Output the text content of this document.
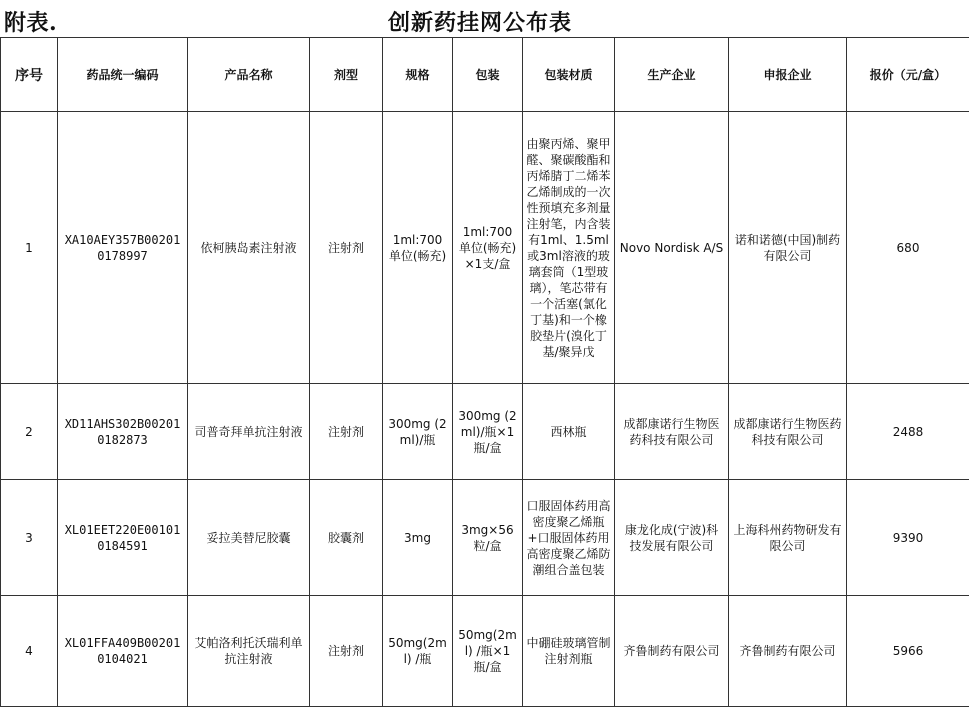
附表.	创新药挂网公布表
序号	药品统一编码	产品名称	剂型	规格	包装	包装材质	生产企业	申报企业	报价（元/盒）
1	XA10AEY357B002010178997	依柯胰岛素注射液	注射剂	1ml:700单位(畅充)	1ml:700单位(畅充)×1支/盒	由聚丙烯、聚甲醛、聚碳酸酯和丙烯腈丁二烯苯乙烯制成的一次性预填充多剂量注射笔，内含装有1ml、1.5ml或3ml溶液的玻璃套筒（1型玻璃），笔芯带有一个活塞(氯化丁基)和一个橡胶垫片(溴化丁基/聚异戊	Novo Nordisk A/S	诺和诺德(中国)制药有限公司	680
2	XD11AHS302B002010182873	司普奇拜单抗注射液	注射剂	300mg (2ml)/瓶	300mg (2ml)/瓶×1瓶/盒	西林瓶	成都康诺行生物医药科技有限公司	成都康诺行生物医药科技有限公司	2488
3	XL01EET220E001010184591	妥拉美替尼胶囊	胶囊剂	3mg	3mg×56粒/盒	口服固体药用高密度聚乙烯瓶+口服固体药用高密度聚乙烯防潮组合盖包装	康龙化成(宁波)科技发展有限公司	上海科州药物研发有限公司	9390
4	XL01FFA409B002010104021	艾帕洛利托沃瑞利单抗注射液	注射剂	50mg(2ml) /瓶	50mg(2ml) /瓶×1瓶/盒	中硼硅玻璃管制注射剂瓶	齐鲁制药有限公司	齐鲁制药有限公司	5966
